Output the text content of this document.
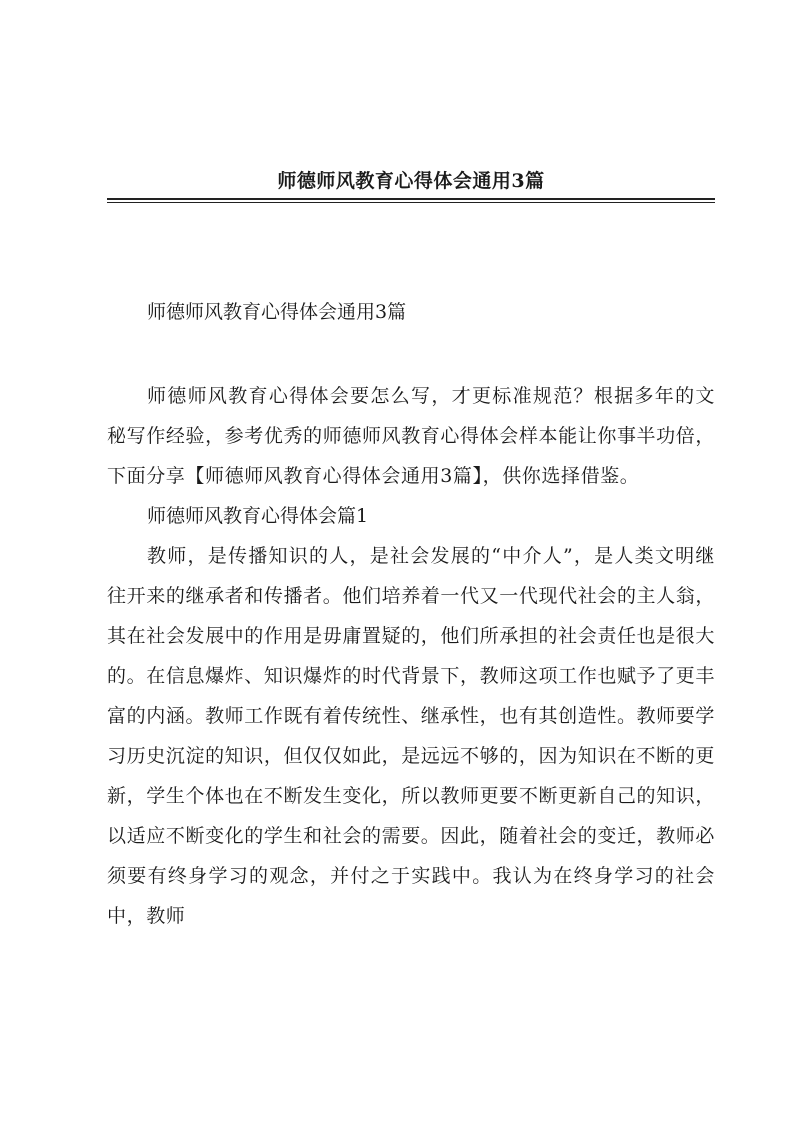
师德师风教育心得体会通用3篇

师德师风教育心得体会通用3篇

师德师风教育心得体会要怎么写，才更标准规范？根据多年的文秘写作经验，参考优秀的师德师风教育心得体会样本能让你事半功倍，下面分享【师德师风教育心得体会通用3篇】，供你选择借鉴。

师德师风教育心得体会篇1

教师，是传播知识的人，是社会发展的“中介人”，是人类文明继往开来的继承者和传播者。他们培养着一代又一代现代社会的主人翁，其在社会发展中的作用是毋庸置疑的，他们所承担的社会责任也是很大的。在信息爆炸、知识爆炸的时代背景下，教师这项工作也赋予了更丰富的内涵。教师工作既有着传统性、继承性，也有其创造性。教师要学习历史沉淀的知识，但仅仅如此，是远远不够的，因为知识在不断的更新，学生个体也在不断发生变化，所以教师更要不断更新自己的知识，以适应不断变化的学生和社会的需要。因此，随着社会的变迁，教师必须要有终身学习的观念，并付之于实践中。我认为在终身学习的社会中，教师
